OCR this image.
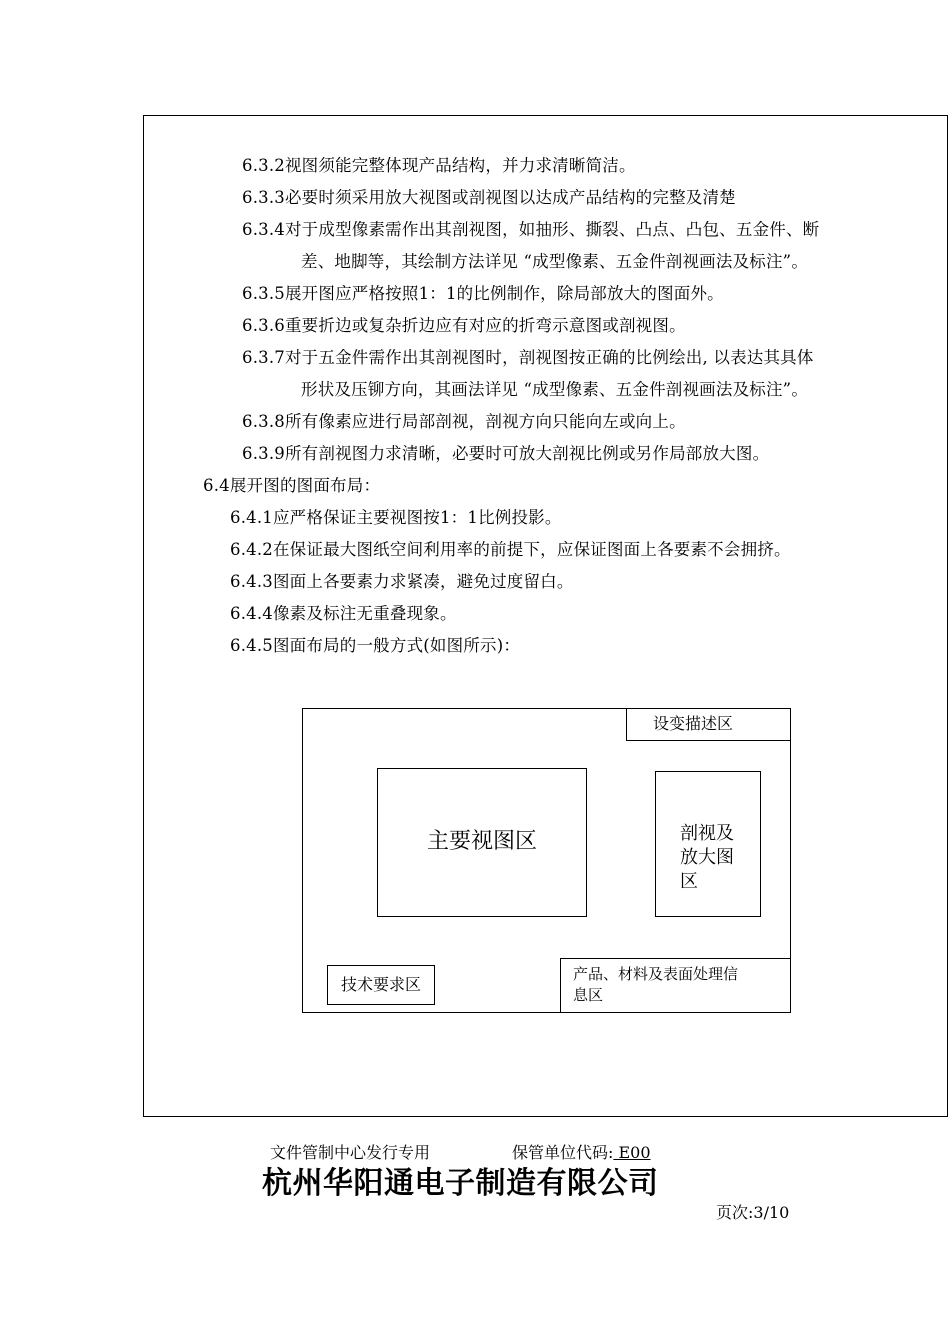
6.3.2视图须能完整体现产品结构，并力求清晰简洁。
6.3.3必要时须采用放大视图或剖视图以达成产品结构的完整及清楚
6.3.4对于成型像素需作出其剖视图，如抽形、撕裂、凸点、凸包、五金件、断
差、地脚等，其绘制方法详见 “成型像素、五金件剖视画法及标注”。
6.3.5展开图应严格按照1：1的比例制作，除局部放大的图面外。
6.3.6重要折边或复杂折边应有对应的折弯示意图或剖视图。
6.3.7对于五金件需作出其剖视图时，剖视图按正确的比例绘出, 以表达其具体
形状及压铆方向，其画法详见 “成型像素、五金件剖视画法及标注”。
6.3.8所有像素应进行局部剖视，剖视方向只能向左或向上。
6.3.9所有剖视图力求清晰，必要时可放大剖视比例或另作局部放大图。
6.4展开图的图面布局：
6.4.1应严格保证主要视图按1：1比例投影。
6.4.2在保证最大图纸空间利用率的前提下，应保证图面上各要素不会拥挤。
6.4.3图面上各要素力求紧凑，避免过度留白。
6.4.4像素及标注无重叠现象。
6.4.5图面布局的一般方式(如图所示)：
设变描述区
主要视图区	剖视及
放大图
区
技术要求区
产品、材料及表面处理信
息区
文件管制中心发行专用	保管单位代码: E00
杭州华阳通电子制造有限公司
页次:3/10
